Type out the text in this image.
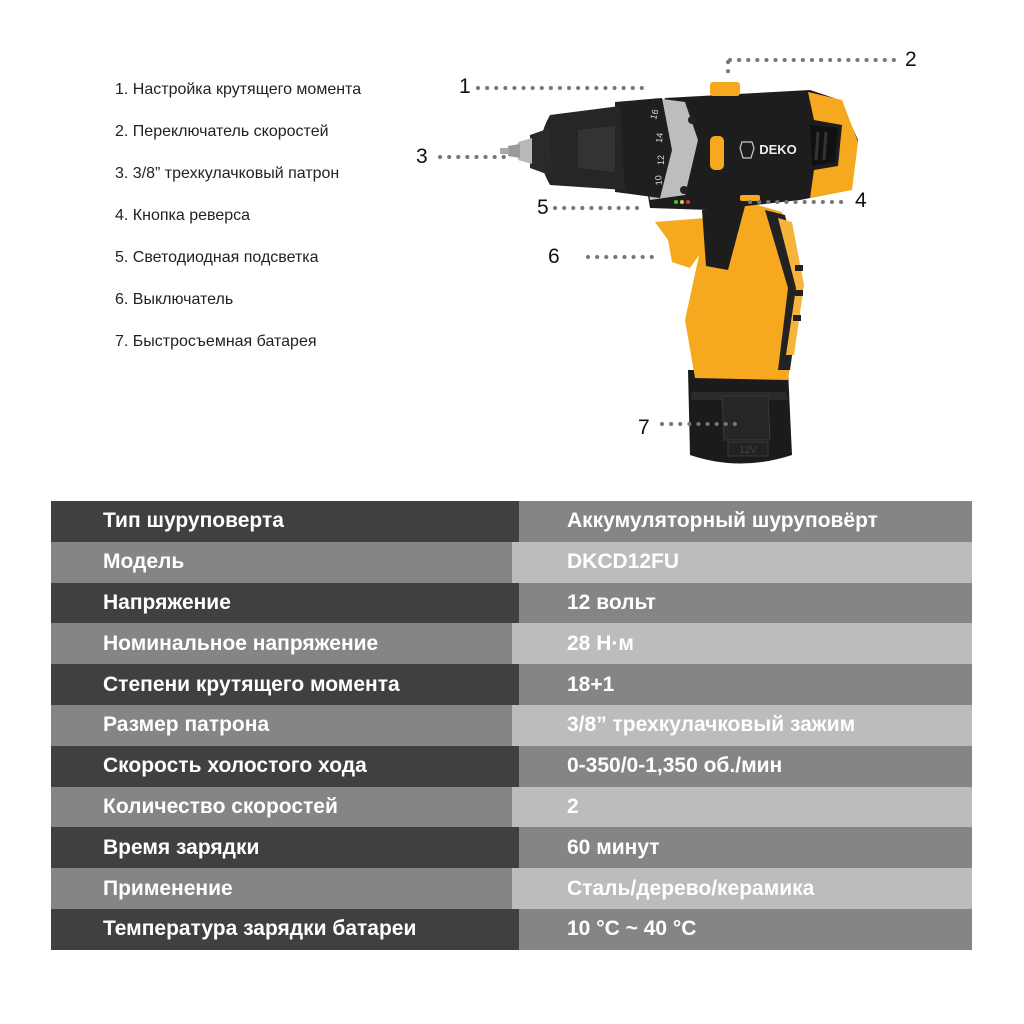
1. Настройка крутящего момента
2. Переключатель скоростей
3. 3/8” трехкулачковый патрон
4. Кнопка реверса
5. Светодиодная подсветка
6. Выключатель
7. Быстросъемная батарея
12V
DEKO
16
14
12
10
1
2
3
4
5
6
7
Тип шуруповерта	Аккумуляторный шуруповёрт
Модель	DKCD12FU
Напряжение	12 вольт
Номинальное напряжение	28 Н·м
Степени крутящего момента	18+1
Размер патрона	3/8” трехкулачковый зажим
Скорость холостого хода	0-350/0-1,350 об./мин
Количество скоростей	2
Время зарядки	60 минут
Применение	Сталь/дерево/керамика
Температура зарядки батареи	10 °C ~ 40 °C
